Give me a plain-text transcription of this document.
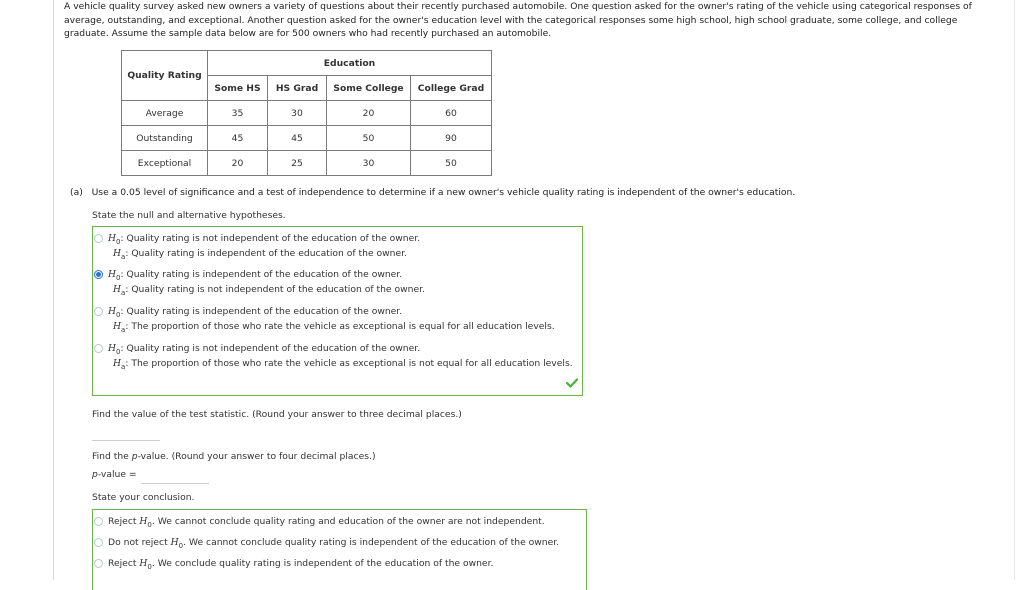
A vehicle quality survey asked new owners a variety of questions about their recently purchased automobile. One question asked for the owner's rating of the vehicle using categorical responses of
average, outstanding, and exceptional. Another question asked for the owner's education level with the categorical responses some high school, high school graduate, some college, and college
graduate. Assume the sample data below are for 500 owners who had recently purchased an automobile.
Quality Rating	Education			
	Some HS	HS Grad	Some College	College Grad
Average	35	30	20	60
Outstanding	45	45	50	90
Exceptional	20	25	30	50
(a) Use a 0.05 level of significance and a test of independence to determine if a new owner's vehicle quality rating is independent of the owner's education.
State the null and alternative hypotheses.
$H_0$: Quality rating is not independent of the education of the owner.
$H_a$: Quality rating is independent of the education of the owner.
$H_0$: Quality rating is independent of the education of the owner.
$H_a$: Quality rating is not independent of the education of the owner.
$H_0$: Quality rating is independent of the education of the owner.
$H_a$: The proportion of those who rate the vehicle as exceptional is equal for all education levels.
$H_0$: Quality rating is not independent of the education of the owner.
$H_a$: The proportion of those who rate the vehicle as exceptional is not equal for all education levels.
Find the value of the test statistic. (Round your answer to three decimal places.)
Find the p-value. (Round your answer to four decimal places.)
p-value =
State your conclusion.
Reject $H_0$. We cannot conclude quality rating and education of the owner are not independent.
Do not reject $H_0$. We cannot conclude quality rating is independent of the education of the owner.
Reject $H_0$. We conclude quality rating is independent of the education of the owner.
